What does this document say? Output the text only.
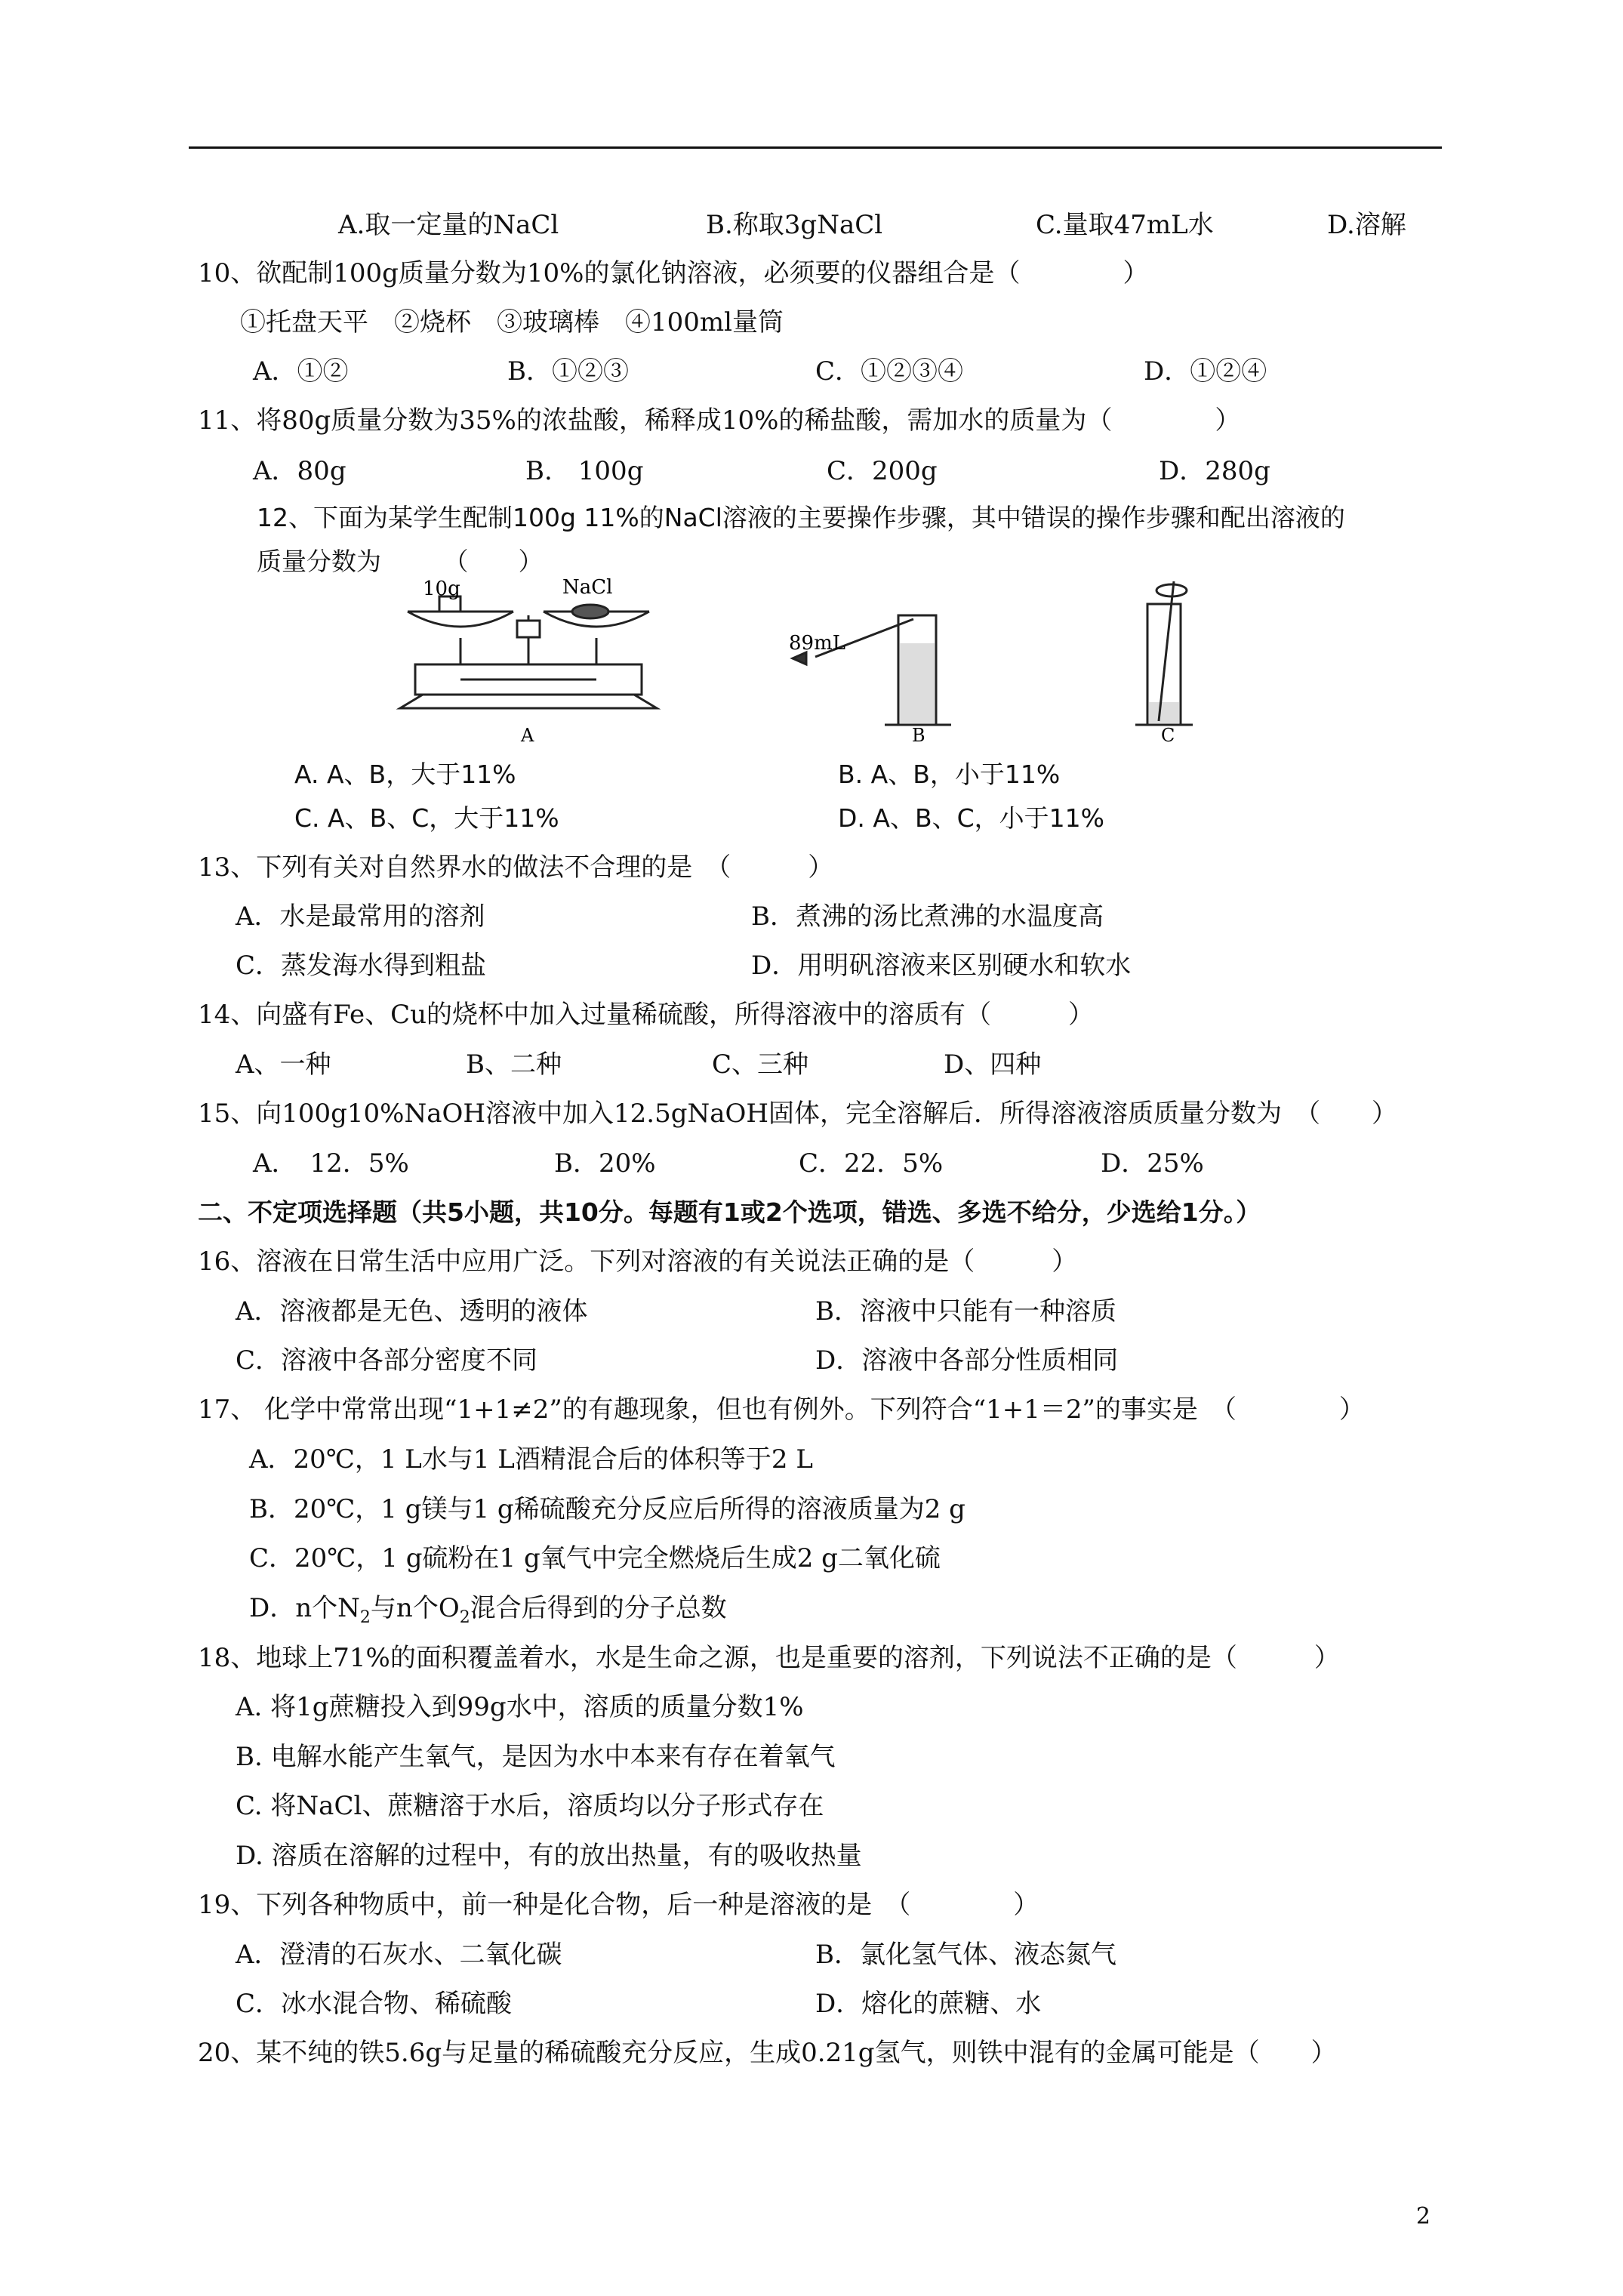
A.取一定量的NaCl	B.称取3gNaCl	C.量取47mL水	D.溶解
10、欲配制100g质量分数为10%的氯化钠溶液，必须要的仪器组合是（　　　　）
①托盘天平　②烧杯　③玻璃棒　④100ml量筒
A．①②	B．①②③	C．①②③④	D．①②④
11、将80g质量分数为35%的浓盐酸，稀释成10%的稀盐酸，需加水的质量为（　　　　）
A．80g	B.　100g	C．200g	D．280g
12、下面为某学生配制100g 11%的NaCl溶液的主要操作步骤，其中错误的操作步骤和配出溶液的
质量分数为　　　（　　）
10g	NaCl
A
89mL
B	C
A. A、B，大于11%	B. A、B，小于11%
C. A、B、C，大于11%	D. A、B、C，小于11%
13、下列有关对自然界水的做法不合理的是　（　　　）
A．水是最常用的溶剂	B．煮沸的汤比煮沸的水温度高
C．蒸发海水得到粗盐	D．用明矾溶液来区别硬水和软水
14、向盛有Fe、Cu的烧杯中加入过量稀硫酸，所得溶液中的溶质有（　　　）
A、一种	B、二种	C、三种	D、四种
15、向100g10%NaOH溶液中加入12.5gNaOH固体，完全溶解后．所得溶液溶质质量分数为　（　　）
A．　12．5%	B．20%	C．22．5%	D．25%
二、不定项选择题（共5小题，共10分。每题有1或2个选项，错选、多选不给分，少选给1分。）
16、溶液在日常生活中应用广泛。下列对溶液的有关说法正确的是（　　　）
A．溶液都是无色、透明的液体	B．溶液中只能有一种溶质
C．溶液中各部分密度不同	D．溶液中各部分性质相同
17、 化学中常常出现“1+1≠2”的有趣现象，但也有例外。下列符合“1+1＝2”的事实是　（　　　　）
A．20℃，1 L水与1 L酒精混合后的体积等于2 L
B．20℃，1 g镁与1 g稀硫酸充分反应后所得的溶液质量为2 g
C．20℃，1 g硫粉在1 g氧气中完全燃烧后生成2 g二氧化硫
D．n个$N_2$与n个$O_2$混合后得到的分子总数
18、地球上71%的面积覆盖着水，水是生命之源，也是重要的溶剂，下列说法不正确的是（　　　）
A. 将1g蔗糖投入到99g水中，溶质的质量分数1%
B. 电解水能产生氧气，是因为水中本来有存在着氧气
C. 将NaCl、蔗糖溶于水后，溶质均以分子形式存在
D. 溶质在溶解的过程中，有的放出热量，有的吸收热量
19、下列各种物质中，前一种是化合物，后一种是溶液的是　（　　　　）
A．澄清的石灰水、二氧化碳	B．氯化氢气体、液态氮气
C．冰水混合物、稀硫酸	D．熔化的蔗糖、水
20、某不纯的铁5.6g与足量的稀硫酸充分反应，生成0.21g氢气，则铁中混有的金属可能是（　　）
2
